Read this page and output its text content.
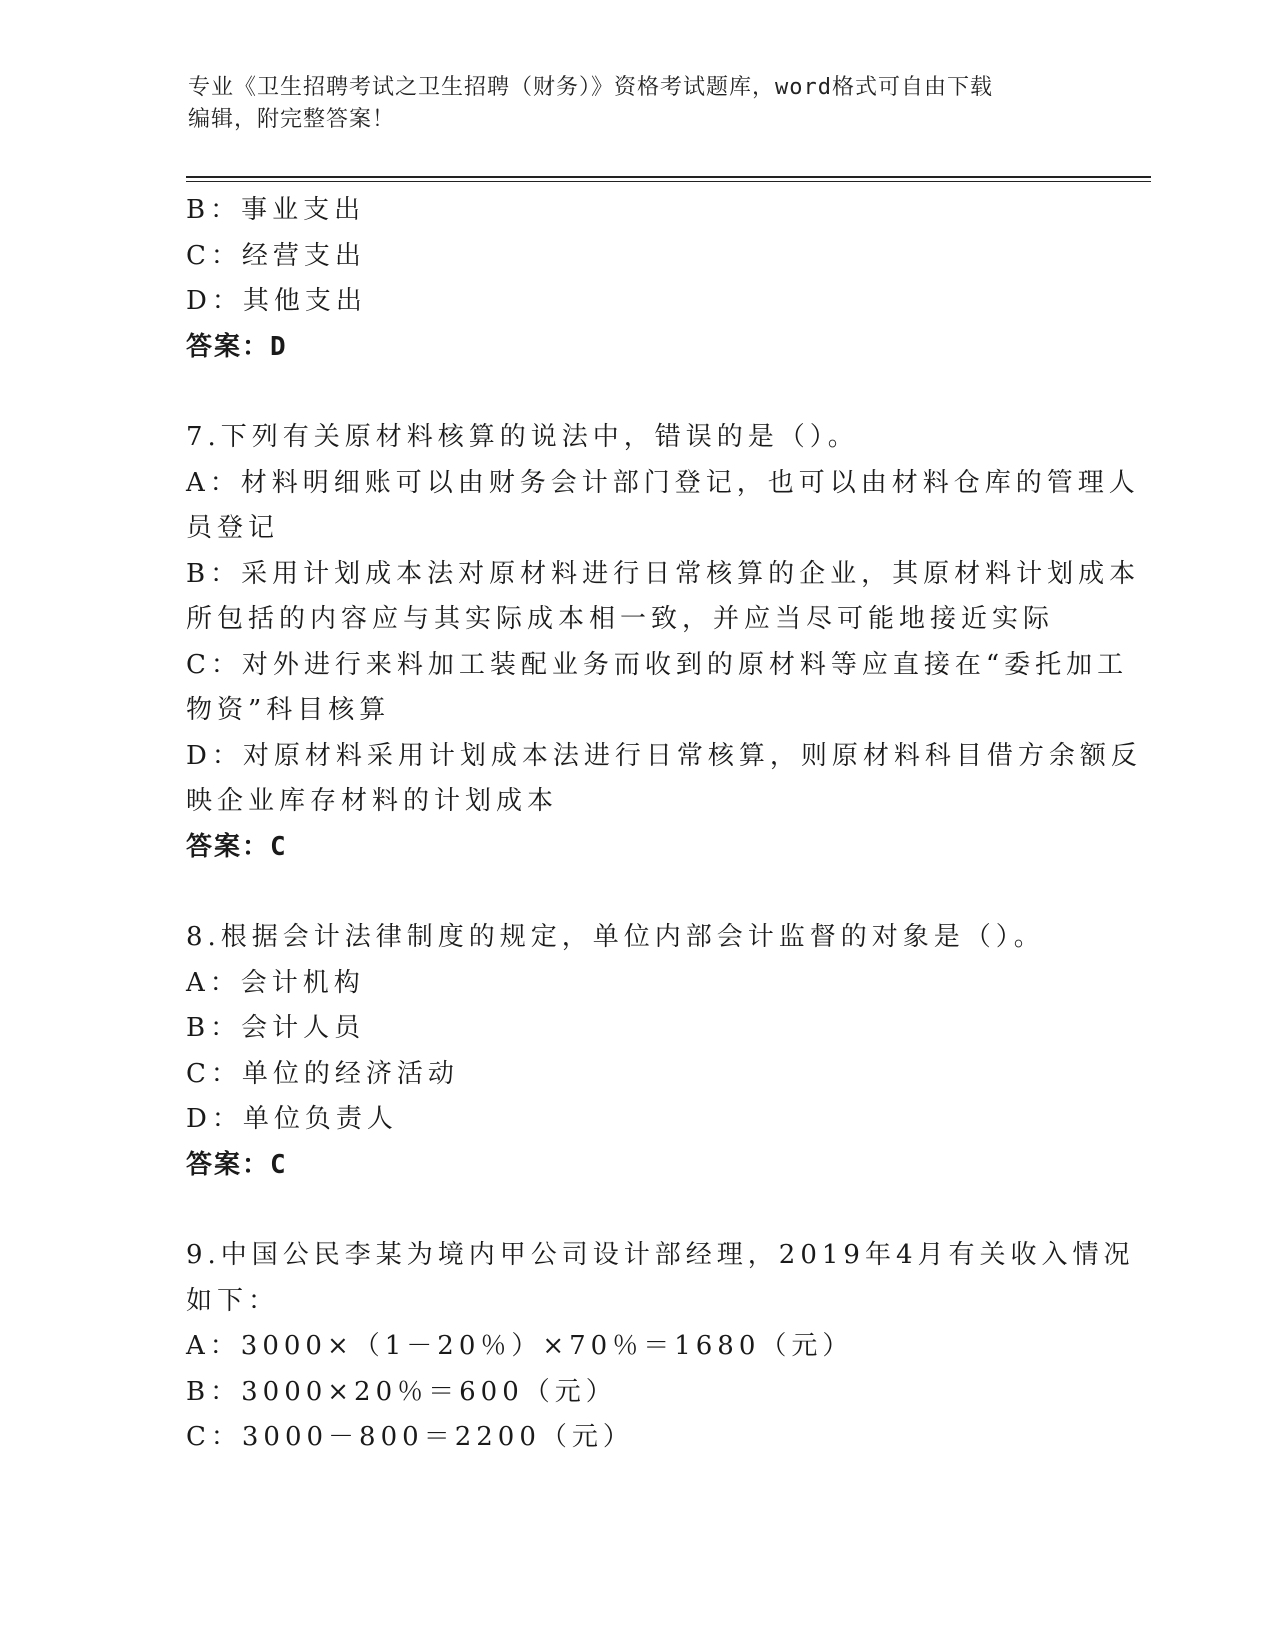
专业《卫生招聘考试之卫生招聘（财务）》资格考试题库，word格式可自由下载
编辑，附完整答案！
B：事业支出
C：经营支出
D：其他支出
答案：D
7.下列有关原材料核算的说法中，错误的是（）。
A：材料明细账可以由财务会计部门登记，也可以由材料仓库的管理人
员登记
B：采用计划成本法对原材料进行日常核算的企业，其原材料计划成本
所包括的内容应与其实际成本相一致，并应当尽可能地接近实际
C：对外进行来料加工装配业务而收到的原材料等应直接在“委托加工
物资”科目核算
D：对原材料采用计划成本法进行日常核算，则原材料科目借方余额反
映企业库存材料的计划成本
答案：C
8.根据会计法律制度的规定，单位内部会计监督的对象是（）。
A：会计机构
B：会计人员
C：单位的经济活动
D：单位负责人
答案：C
9.中国公民李某为境内甲公司设计部经理，2019年4月有关收入情况
如下：
A：3000×（1－20％）×70％＝1680（元）
B：3000×20％＝600（元）
C：3000－800＝2200（元）
